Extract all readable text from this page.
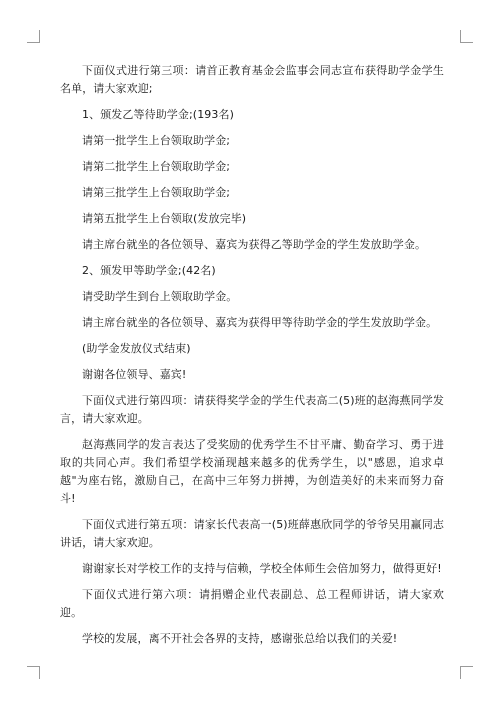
下面仪式进行第三项：请首正教育基金会监事会同志宣布获得助学金学生名单，请大家欢迎;

1、颁发乙等待助学金;(193名)

请第一批学生上台领取助学金;

请第二批学生上台领取助学金;

请第三批学生上台领取助学金;

请第五批学生上台领取(发放完毕)

请主席台就坐的各位领导、嘉宾为获得乙等助学金的学生发放助学金。

2、颁发甲等助学金;(42名)

请受助学生到台上领取助学金。

请主席台就坐的各位领导、嘉宾为获得甲等待助学金的学生发放助学金。

(助学金发放仪式结束)

谢谢各位领导、嘉宾!

下面仪式进行第四项：请获得奖学金的学生代表高二(5)班的赵海燕同学发言，请大家欢迎。

赵海燕同学的发言表达了受奖励的优秀学生不甘平庸、勤奋学习、勇于进取的共同心声。我们希望学校涌现越来越多的优秀学生，以"感恩，追求卓越"为座右铭，激励自己，在高中三年努力拼搏，为创造美好的未来而努力奋斗!

下面仪式进行第五项：请家长代表高一(5)班薛惠欣同学的爷爷吴用赢同志讲话，请大家欢迎。

谢谢家长对学校工作的支持与信赖，学校全体师生会倍加努力，做得更好!

下面仪式进行第六项：请捐赠企业代表副总、总工程师讲话，请大家欢迎。

学校的发展，离不开社会各界的支持，感谢张总给以我们的关爱!
